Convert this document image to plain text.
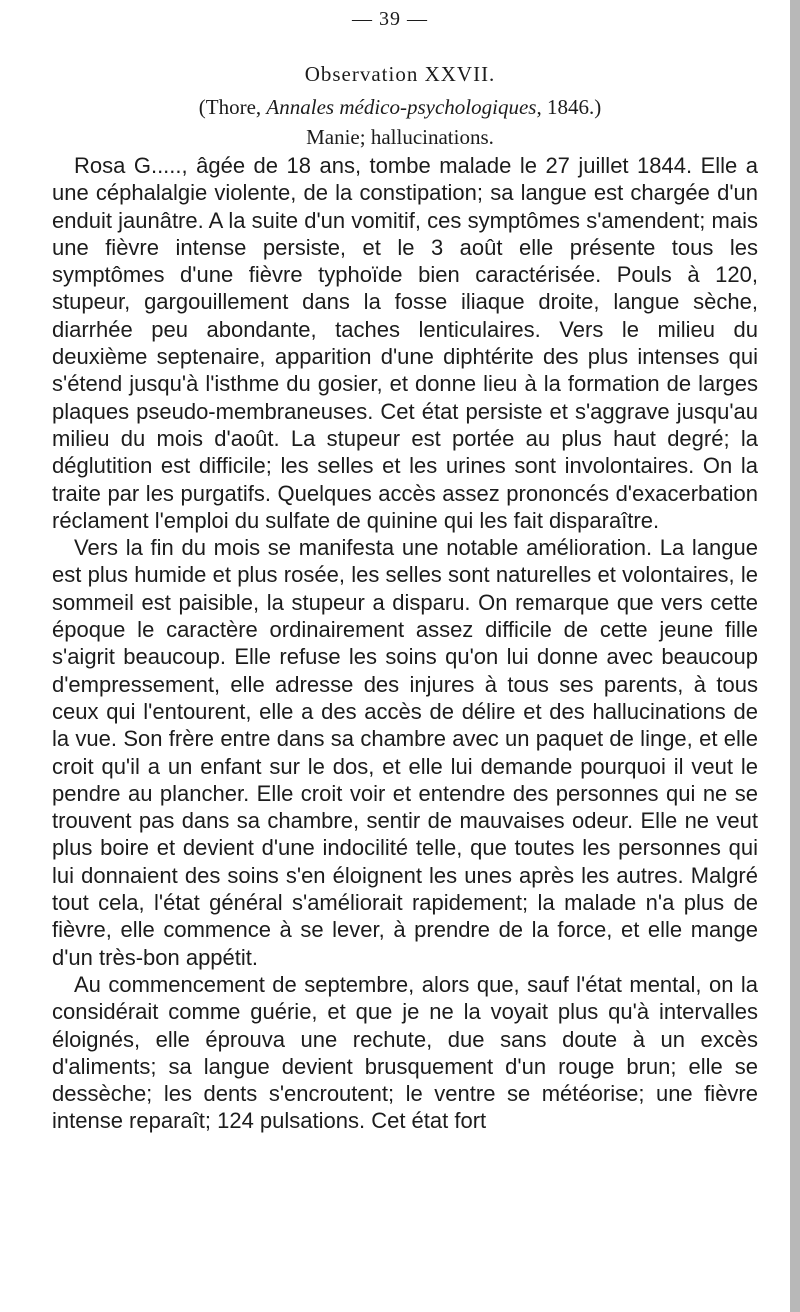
— 39 —
Observation XXVII.
(Thore, Annales médico-psychologiques, 1846.)
Manie; hallucinations.

Rosa G....., âgée de 18 ans, tombe malade le 27 juillet 1844. Elle a une céphalalgie violente, de la constipation; sa langue est chargée d'un enduit jaunâtre. A la suite d'un vomitif, ces symptômes s'amendent; mais une fièvre intense persiste, et le 3 août elle présente tous les symptômes d'une fièvre typhoïde bien caractérisée. Pouls à 120, stupeur, gargouillement dans la fosse iliaque droite, langue sèche, diarrhée peu abondante, taches lenticulaires. Vers le milieu du deuxième septenaire, apparition d'une diphtérite des plus intenses qui s'étend jusqu'à l'isthme du gosier, et donne lieu à la formation de larges plaques pseudo-membraneuses. Cet état persiste et s'aggrave jusqu'au milieu du mois d'août. La stupeur est portée au plus haut degré; la déglutition est difficile; les selles et les urines sont involontaires. On la traite par les purgatifs. Quelques accès assez prononcés d'exacerbation réclament l'emploi du sulfate de quinine qui les fait disparaître.

Vers la fin du mois se manifesta une notable amélioration. La langue est plus humide et plus rosée, les selles sont naturelles et volontaires, le sommeil est paisible, la stupeur a disparu. On remarque que vers cette époque le caractère ordinairement assez difficile de cette jeune fille s'aigrit beaucoup. Elle refuse les soins qu'on lui donne avec beaucoup d'empressement, elle adresse des injures à tous ses parents, à tous ceux qui l'entourent, elle a des accès de délire et des hallucinations de la vue. Son frère entre dans sa chambre avec un paquet de linge, et elle croit qu'il a un enfant sur le dos, et elle lui demande pourquoi il veut le pendre au plancher. Elle croit voir et entendre des personnes qui ne se trouvent pas dans sa chambre, sentir de mauvaises odeur. Elle ne veut plus boire et devient d'une indocilité telle, que toutes les personnes qui lui donnaient des soins s'en éloignent les unes après les autres. Malgré tout cela, l'état général s'améliorait rapidement; la malade n'a plus de fièvre, elle commence à se lever, à prendre de la force, et elle mange d'un très-bon appétit.

Au commencement de septembre, alors que, sauf l'état mental, on la considérait comme guérie, et que je ne la voyait plus qu'à intervalles éloignés, elle éprouva une rechute, due sans doute à un excès d'aliments; sa langue devient brusquement d'un rouge brun; elle se dessèche; les dents s'encroutent; le ventre se météorise; une fièvre intense reparaît; 124 pulsations. Cet état fort
